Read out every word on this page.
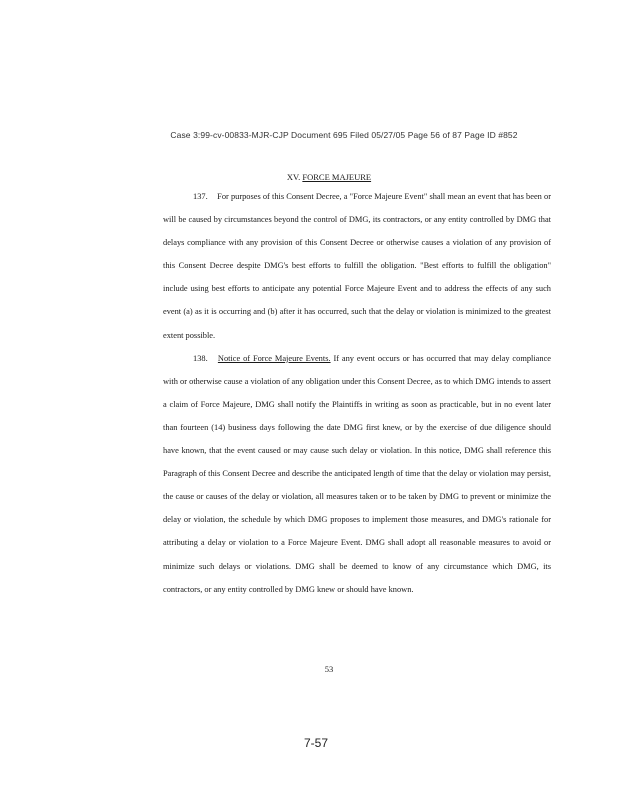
Case 3:99-cv-00833-MJR-CJP Document 695 Filed 05/27/05 Page 56 of 87 Page ID #852
XV. FORCE MAJEURE

137. For purposes of this Consent Decree, a "Force Majeure Event" shall mean an event that has been or will be caused by circumstances beyond the control of DMG, its contractors, or any entity controlled by DMG that delays compliance with any provision of this Consent Decree or otherwise causes a violation of any provision of this Consent Decree despite DMG's best efforts to fulfill the obligation. "Best efforts to fulfill the obligation" include using best efforts to anticipate any potential Force Majeure Event and to address the effects of any such event (a) as it is occurring and (b) after it has occurred, such that the delay or violation is minimized to the greatest extent possible.

138. Notice of Force Majeure Events. If any event occurs or has occurred that may delay compliance with or otherwise cause a violation of any obligation under this Consent Decree, as to which DMG intends to assert a claim of Force Majeure, DMG shall notify the Plaintiffs in writing as soon as practicable, but in no event later than fourteen (14) business days following the date DMG first knew, or by the exercise of due diligence should have known, that the event caused or may cause such delay or violation. In this notice, DMG shall reference this Paragraph of this Consent Decree and describe the anticipated length of time that the delay or violation may persist, the cause or causes of the delay or violation, all measures taken or to be taken by DMG to prevent or minimize the delay or violation, the schedule by which DMG proposes to implement those measures, and DMG's rationale for attributing a delay or violation to a Force Majeure Event. DMG shall adopt all reasonable measures to avoid or minimize such delays or violations. DMG shall be deemed to know of any circumstance which DMG, its contractors, or any entity controlled by DMG knew or should have known.

53
7-57
